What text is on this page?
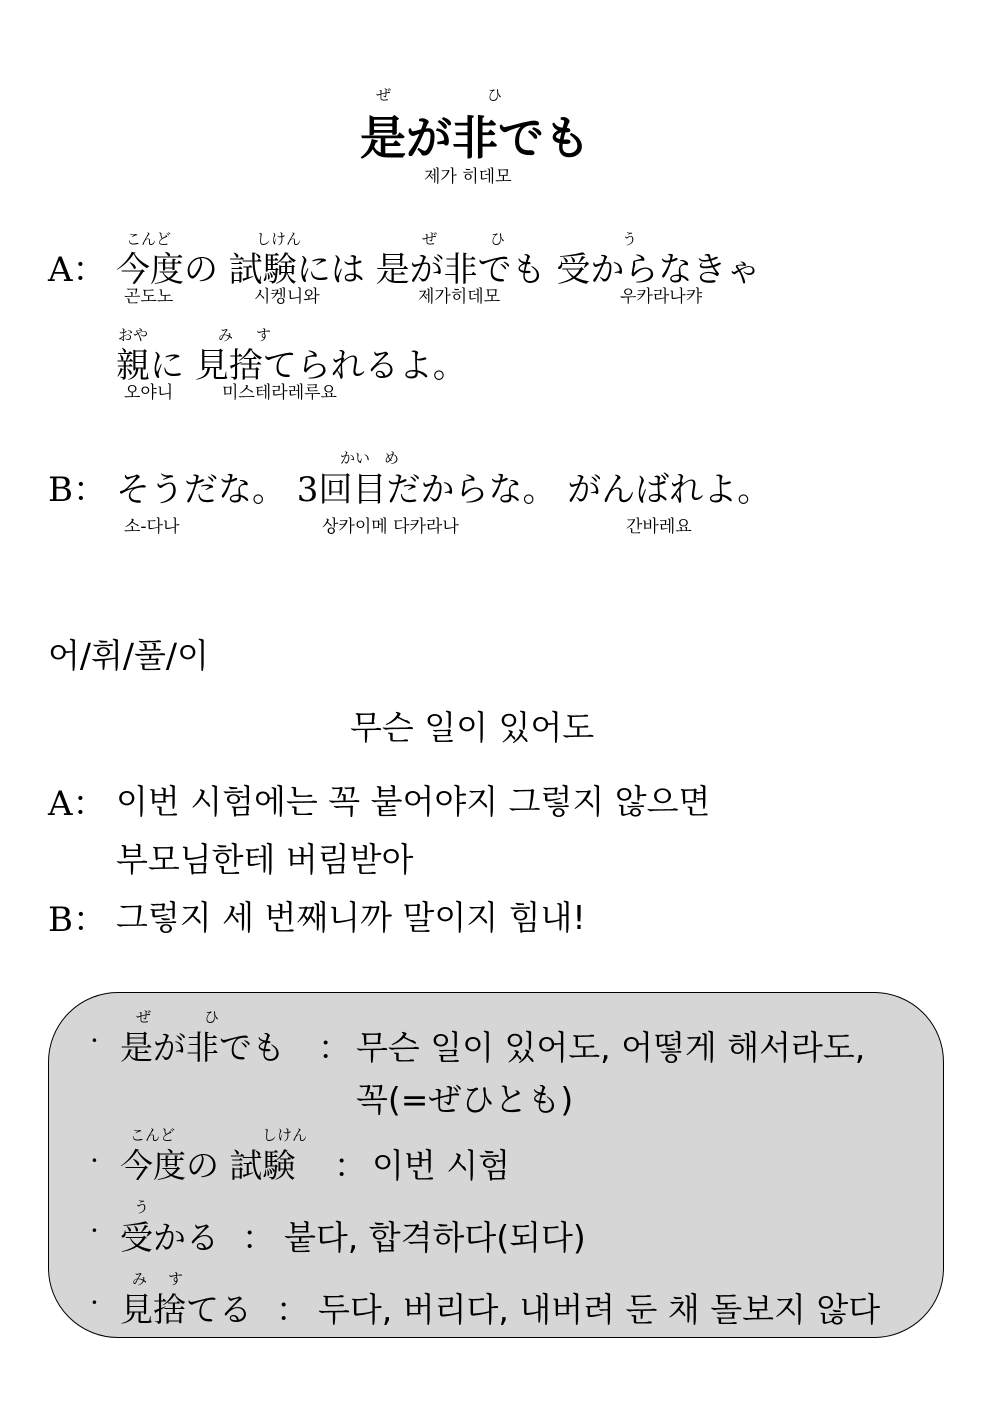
ぜ	ひ
是が非でも
제가 히데모
こんど	しけん	ぜ	ひ	う
A： 今度の 試験には 是が非でも 受からなきゃ
곤도노	시켕니와	제가히데모	우카라나캬
おや	み す
親に 見捨てられるよ。
오야니	미스테라레루요
かい め
B： そうだな。 3回目だからな。 がんばれよ。
소-다나	상카이메 다카라나	간바레요
어/휘/풀/이
무슨 일이 있어도
A： 이번 시험에는 꼭 붙어야지 그렇지 않으면
부모님한테 버림받아
B： 그렇지 세 번째니까 말이지 힘내!
ぜ	ひ
· 是が非でも ： 무슨 일이 있어도, 어떻게 해서라도,
꼭(=ぜひとも)
こんど	しけん
· 今度の 試験 ： 이번 시험
う
· 受かる ： 붙다, 합격하다(되다)
み す
· 見捨てる ： 두다, 버리다, 내버려 둔 채 돌보지 않다
